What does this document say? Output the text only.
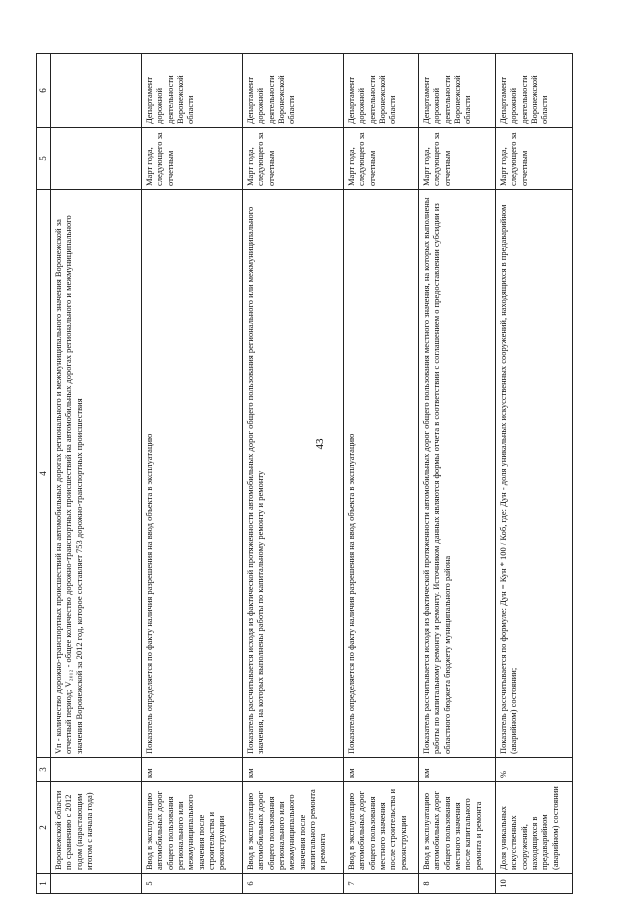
43
1	2	3	4	5	6
	Воронежской области по сравнению с 2012 годом (нарастающим итогом с начала года)		Vп - количество дорожно-транспортных происшествий на автомобильных дорогах регионального и межмуниципального значения Воронежской за отчетный период; V₂₀₁₂ - общее количество дорожно-транспортных происшествий на автомобильных дорогах регионального и межмуниципального значения Воронежской за 2012 год, которое составляет 753 дорожно-транспортных происшествия		
5	Ввод в эксплуатацию автомобильных дорог общего пользования регионального или межмуниципального значения после строительства и реконструкции	км	Показатель определяется по факту наличия разрешения на ввод объекта в эксплуатацию	Март года, следующего за отчетным	Департамент дорожной деятельности Воронежской области
6	Ввод в эксплуатацию автомобильных дорог общего пользования регионального или межмуниципального значения после капитального ремонта и ремонта	км	Показатель рассчитывается исходя из фактической протяженности автомобильных дорог общего пользования регионального или межмуниципального значения, на которых выполнены работы по капитальному ремонту и ремонту	Март года, следующего за отчетным	Департамент дорожной деятельности Воронежской области
7	Ввод в эксплуатацию автомобильных дорог общего пользования местного значения после строительства и реконструкции	км	Показатель определяется по факту наличия разрешения на ввод объекта в эксплуатацию	Март года, следующего за отчетным	Департамент дорожной деятельности Воронежской области
8	Ввод в эксплуатацию автомобильных дорог общего пользования местного значения после капитального ремонта и ремонта	км	Показатель рассчитывается исходя из фактической протяженности автомобильных дорог общего пользования местного значения, на которых выполнены работы по капитальному ремонту и ремонту. Источником данных являются формы отчета в соответствии с соглашением о предоставлении субсидии из областного бюджета бюджету муниципального района	Март года, следующего за отчетным	Департамент дорожной деятельности Воронежской области
10	Доля уникальных искусственных сооружений, находящихся в предаварийном (аварийном) состоянии	%	Показатель рассчитывается по формуле: Дун = Кун * 100 / Коб, где: Дун - доля уникальных искусственных сооружений, находящихся в предаварийном (аварийном) состоянии;	Март года, следующего за отчетным	Департамент дорожной деятельности Воронежской области
